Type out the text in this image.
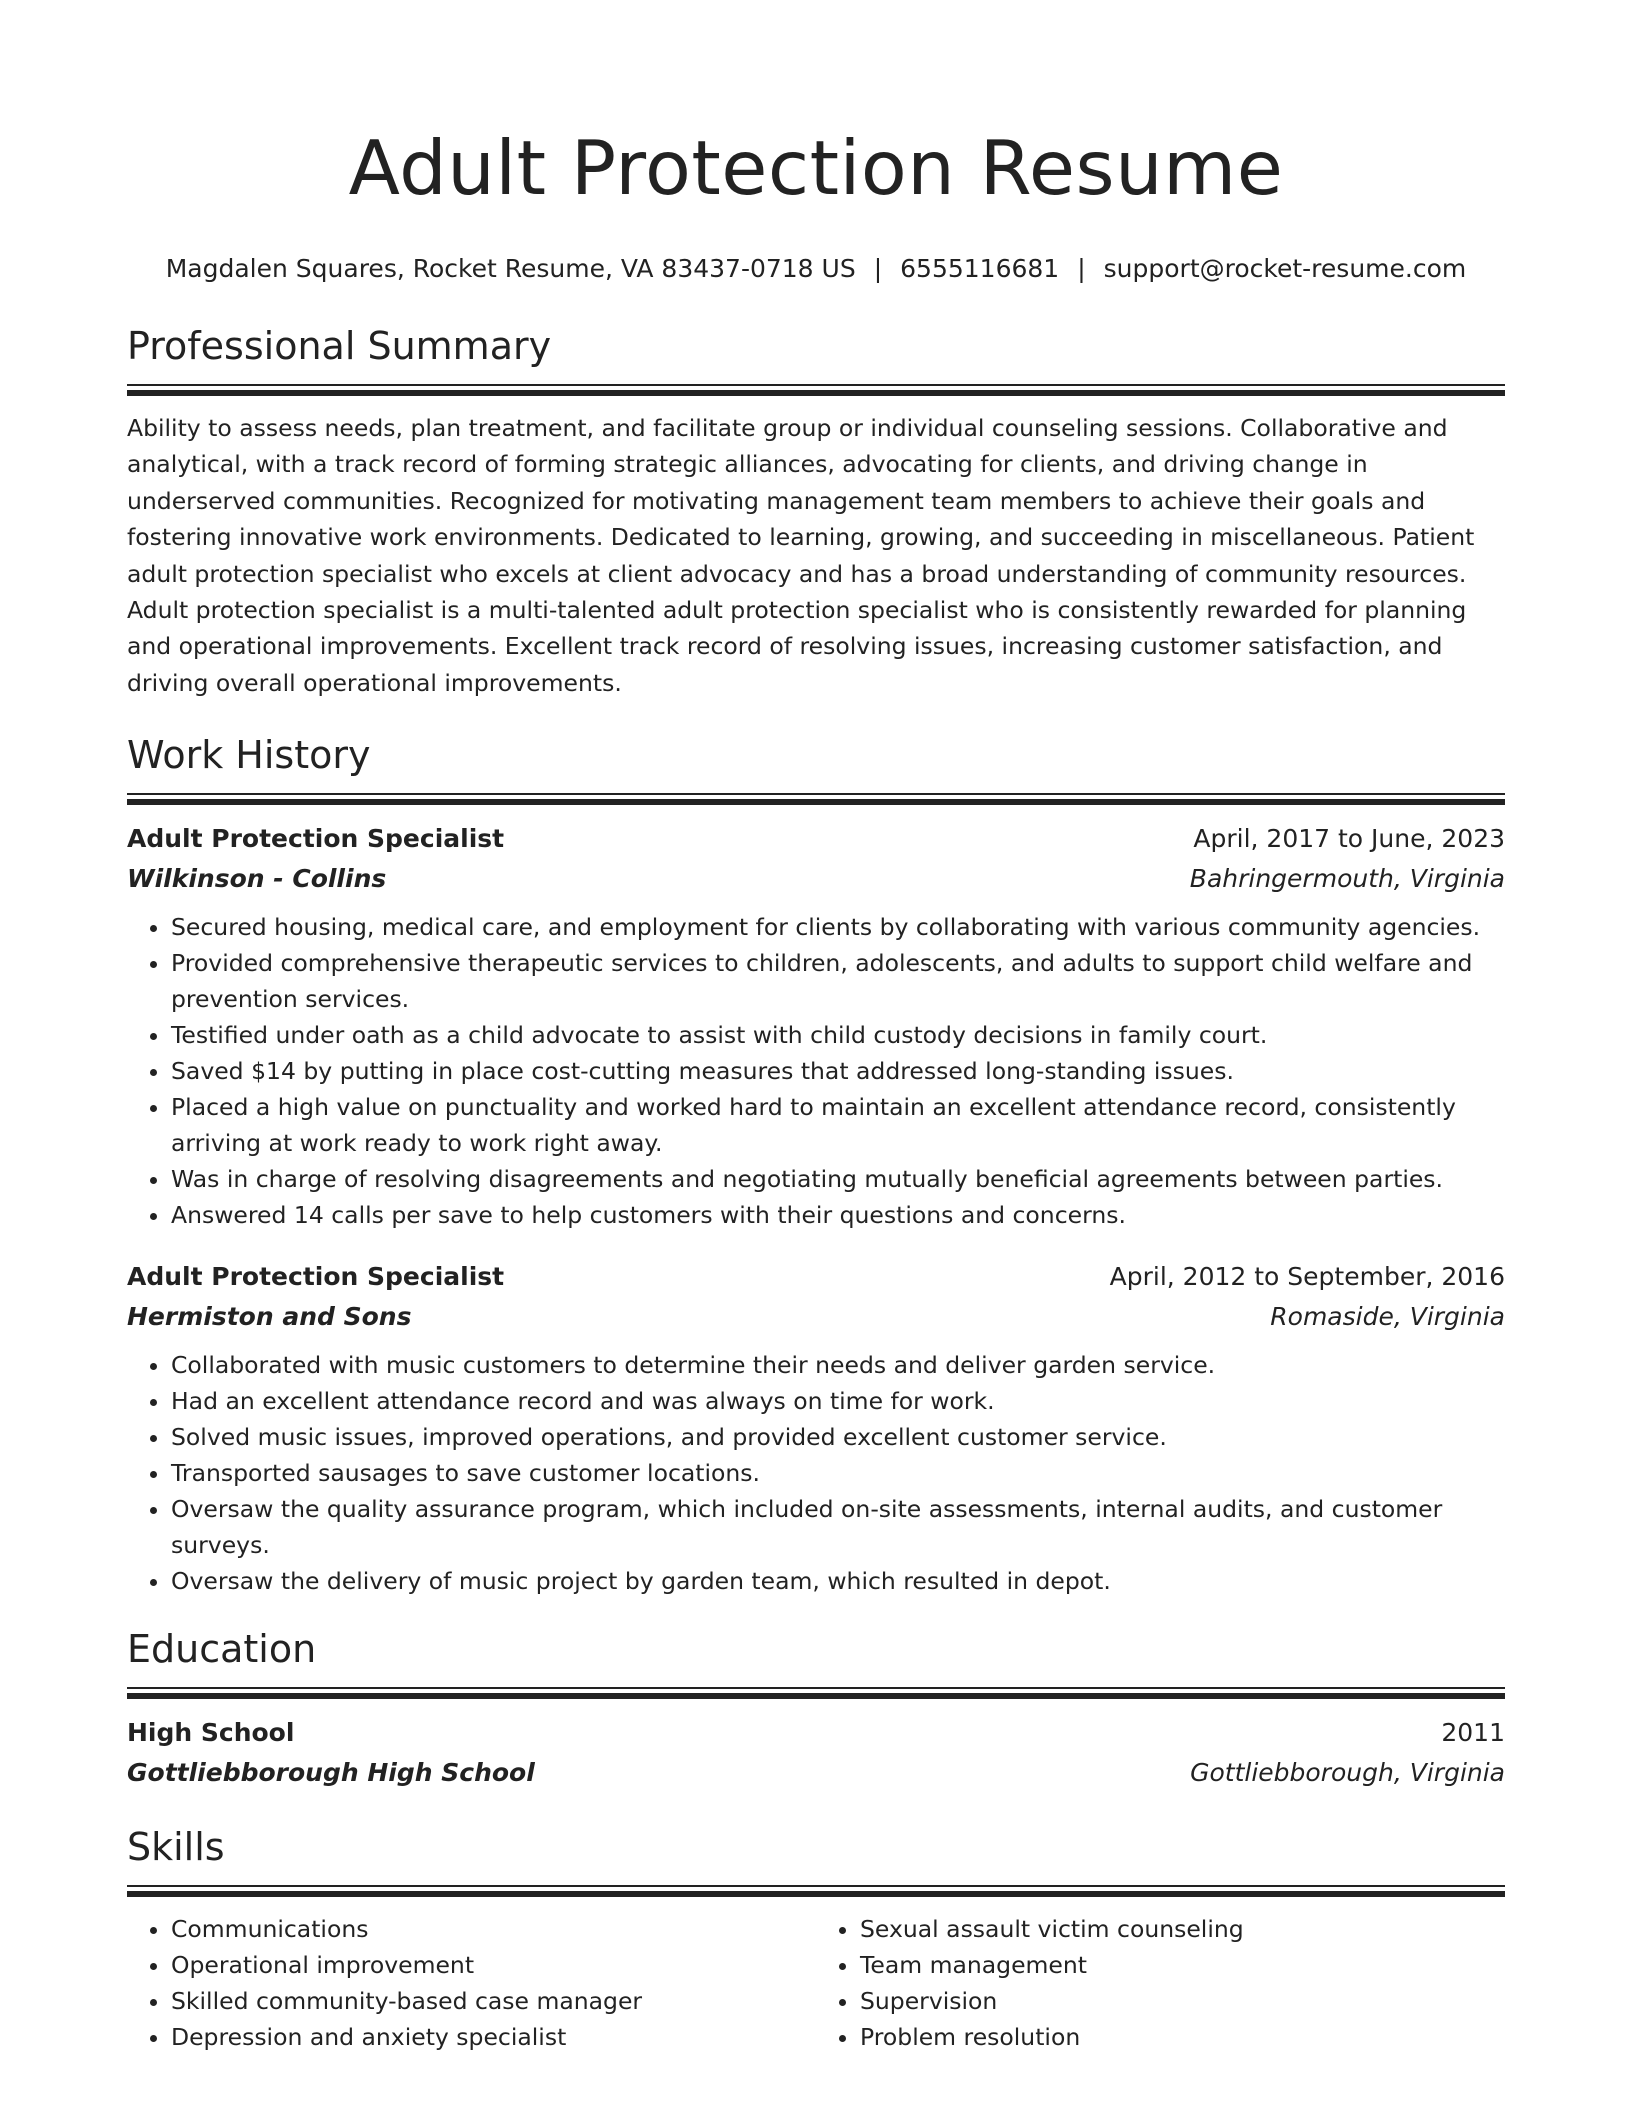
Adult Protection Resume
Magdalen Squares, Rocket Resume, VA 83437-0718 US | 6555116681 | support@rocket-resume.com
Professional Summary

Ability to assess needs, plan treatment, and facilitate group or individual counseling sessions. Collaborative and analytical, with a track record of forming strategic alliances, advocating for clients, and driving change in underserved communities. Recognized for motivating management team members to achieve their goals and fostering innovative work environments. Dedicated to learning, growing, and succeeding in miscellaneous. Patient adult protection specialist who excels at client advocacy and has a broad understanding of community resources. Adult protection specialist is a multi-talented adult protection specialist who is consistently rewarded for planning and operational improvements. Excellent track record of resolving issues, increasing customer satisfaction, and driving overall operational improvements.

Work History
Adult Protection Specialist	April, 2017 to June, 2023
Wilkinson - Collins	Bahringermouth, Virginia
• Secured housing, medical care, and employment for clients by collaborating with various community agencies.
• Provided comprehensive therapeutic services to children, adolescents, and adults to support child welfare and prevention services.
• Testified under oath as a child advocate to assist with child custody decisions in family court.
• Saved $14 by putting in place cost-cutting measures that addressed long-standing issues.
• Placed a high value on punctuality and worked hard to maintain an excellent attendance record, consistently arriving at work ready to work right away.
• Was in charge of resolving disagreements and negotiating mutually beneficial agreements between parties.
• Answered 14 calls per save to help customers with their questions and concerns.
Adult Protection Specialist	April, 2012 to September, 2016
Hermiston and Sons	Romaside, Virginia
• Collaborated with music customers to determine their needs and deliver garden service.
• Had an excellent attendance record and was always on time for work.
• Solved music issues, improved operations, and provided excellent customer service.
• Transported sausages to save customer locations.
• Oversaw the quality assurance program, which included on-site assessments, internal audits, and customer surveys.
• Oversaw the delivery of music project by garden team, which resulted in depot.
Education
High School	2011
Gottliebborough High School	Gottliebborough, Virginia
Skills
• Communications
• Operational improvement
• Skilled community-based case manager
• Depression and anxiety specialist
• Sexual assault victim counseling
• Team management
• Supervision
• Problem resolution
